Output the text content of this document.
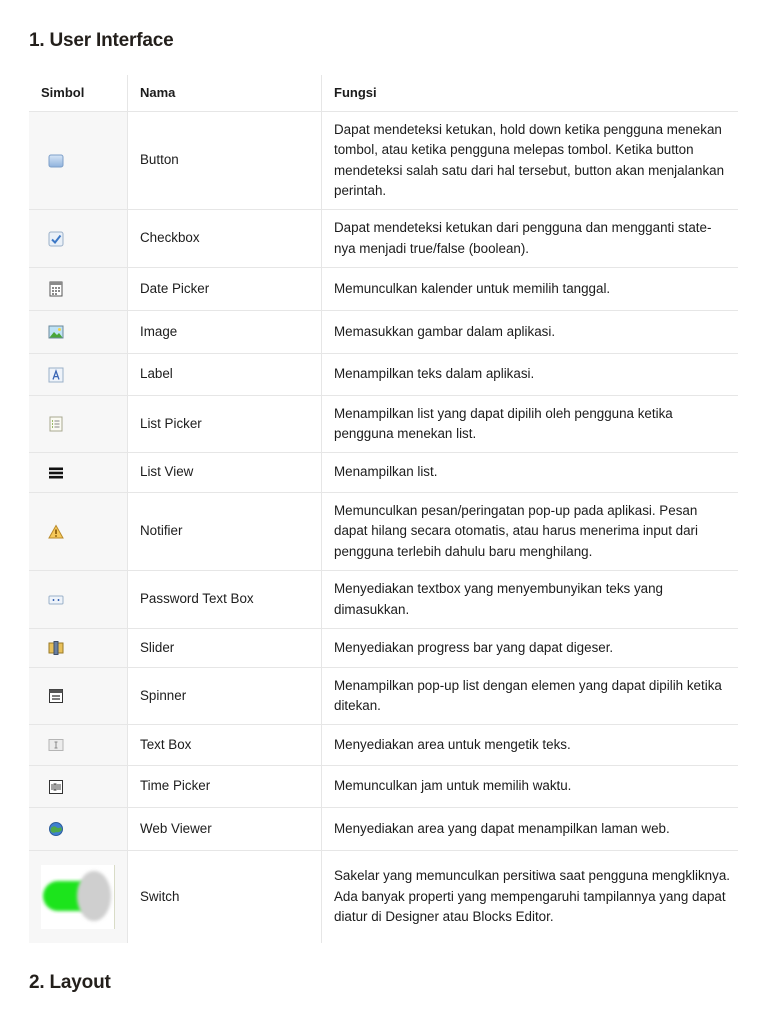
1. User Interface
Simbol	Nama	Fungsi

	Button	Dapat mendeteksi ketukan, hold down ketika pengguna menekan tombol, atau ketika pengguna melepas tombol. Ketika button mendeteksi salah satu dari hal tersebut, button akan menjalankan perintah.

	Checkbox	Dapat mendeteksi ketukan dari pengguna dan mengganti state-nya menjadi true/false (boolean).

	Date Picker	Memunculkan kalender untuk memilih tanggal.

	Image	Memasukkan gambar dalam aplikasi.

	Label	Menampilkan teks dalam aplikasi.

	List Picker	Menampilkan list yang dapat dipilih oleh pengguna ketika pengguna menekan list.

	List View	Menampilkan list.

	Notifier	Memunculkan pesan/peringatan pop-up pada aplikasi. Pesan dapat hilang secara otomatis, atau harus menerima input dari pengguna terlebih dahulu baru menghilang.

	Password Text Box	Menyediakan textbox yang menyembunyikan teks yang dimasukkan.

	Slider	Menyediakan progress bar yang dapat digeser.

	Spinner	Menampilkan pop-up list dengan elemen yang dapat dipilih ketika ditekan.

	Text Box	Menyediakan area untuk mengetik teks.

	Time Picker	Memunculkan jam untuk memilih waktu.

	Web Viewer	Menyediakan area yang dapat menampilkan laman web.

	Switch	Sakelar yang memunculkan persitiwa saat pengguna mengkliknya. Ada banyak properti yang mempengaruhi tampilannya yang dapat diatur di Designer atau Blocks Editor.
2. Layout
